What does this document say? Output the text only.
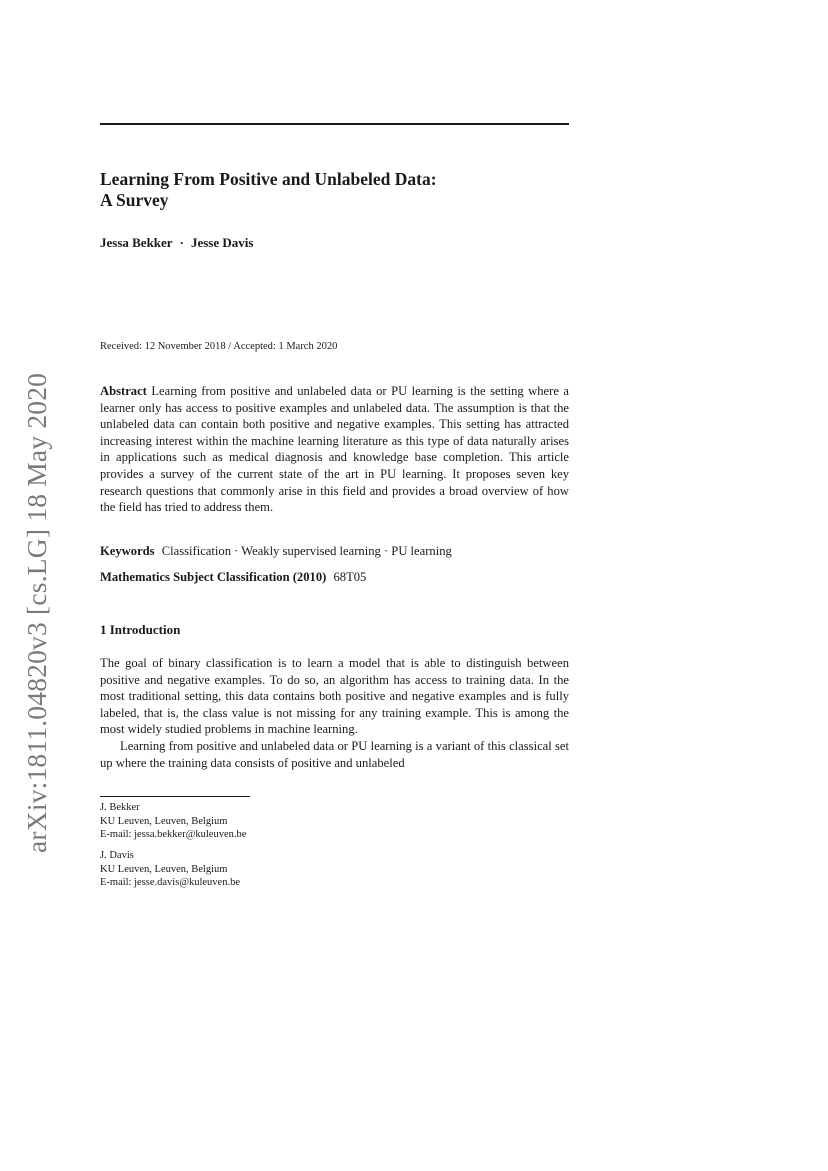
arXiv:1811.04820v3 [cs.LG] 18 May 2020
Learning From Positive and Unlabeled Data:
A Survey
Jessa Bekker · Jesse Davis
Received: 12 November 2018 / Accepted: 1 March 2020
Abstract Learning from positive and unlabeled data or PU learning is the setting where a learner only has access to positive examples and unlabeled data. The assumption is that the unlabeled data can contain both positive and negative examples. This setting has attracted increasing interest within the machine learning literature as this type of data naturally arises in applications such as medical diagnosis and knowledge base completion. This article provides a survey of the current state of the art in PU learning. It proposes seven key research questions that commonly arise in this field and provides a broad overview of how the field has tried to address them.
Keywords Classification · Weakly supervised learning · PU learning
Mathematics Subject Classification (2010) 68T05
1 Introduction

The goal of binary classification is to learn a model that is able to distinguish between positive and negative examples. To do so, an algorithm has access to training data. In the most traditional setting, this data contains both positive and negative examples and is fully labeled, that is, the class value is not missing for any training example. This is among the most widely studied problems in machine learning.

Learning from positive and unlabeled data or PU learning is a variant of this classical set up where the training data consists of positive and unlabeled

J. Bekker
KU Leuven, Leuven, Belgium
E-mail: jessa.bekker@kuleuven.be
J. Davis
KU Leuven, Leuven, Belgium
E-mail: jesse.davis@kuleuven.be
